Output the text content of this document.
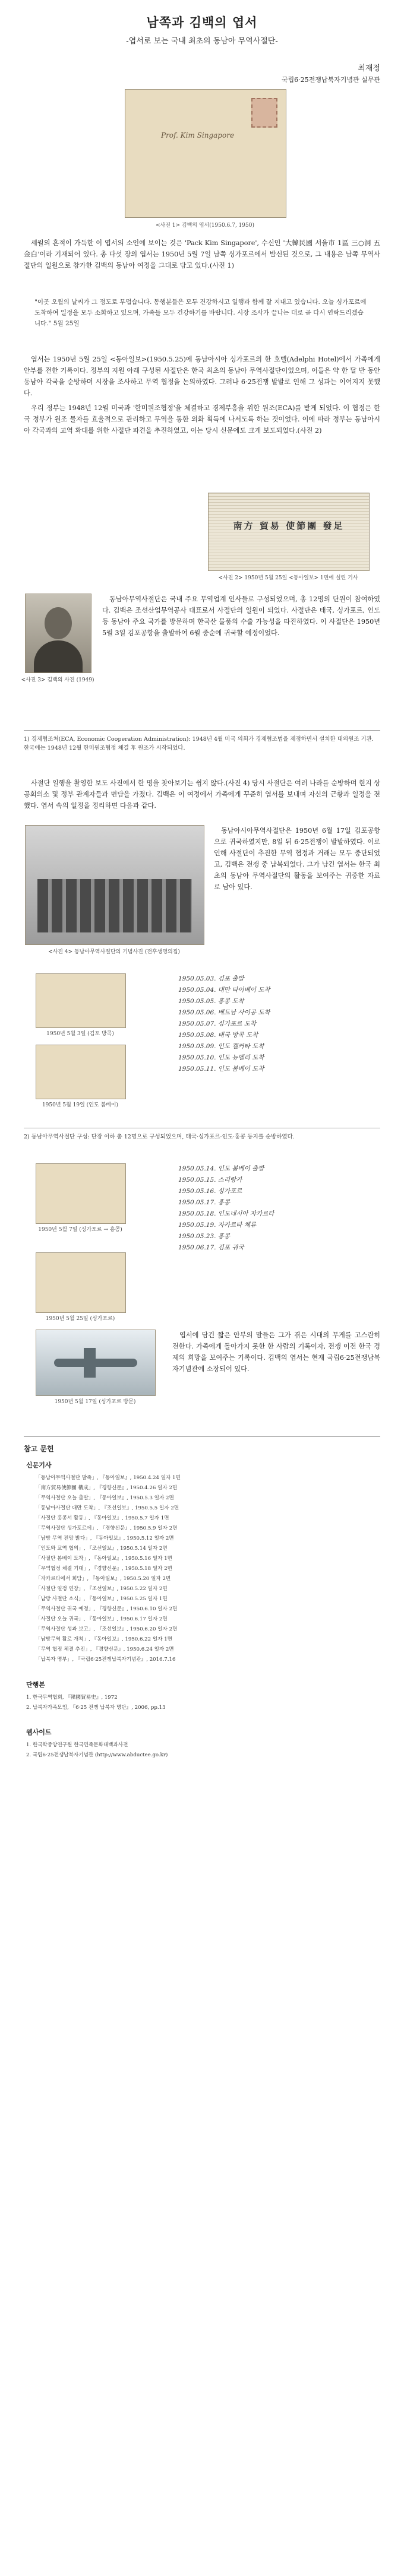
남쪽과 김백의 엽서
-엽서로 보는 국내 최초의 동남아 무역사절단-
최재정
국립6·25전쟁납북자기념관 실무관
Prof. Kim Singapore
<사진 1> 김백의 엽서(1950.6.7, 1950)

세월의 흔적이 가득한 이 엽서의 소인에 보이는 것은 'Pack Kim Singapore', 수신인 '大韓民國 서울市 1區 三○洞 五 金白'이라 기재되어 있다. 총 다섯 장의 엽서는 1950년 5월 7일 남쪽 싱가포르에서 발신된 것으로, 그 내용은 남쪽 무역사절단의 일원으로 참가한 김백의 동남아 여정을 그대로 담고 있다.(사진 1)

"이곳 오월의 날씨가 그 정도로 무덥습니다. 동행분들은 모두 건강하시고 일행과 함께 잘 지내고 있습니다. 오늘 싱가포르에 도착하여 일정을 모두 소화하고 있으며, 가족들 모두 건강하기를 바랍니다. 시장 조사가 끝나는 대로 곧 다시 연락드리겠습니다." 5월 25일

엽서는 1950년 5월 25일 <동아일보>(1950.5.25)에 동남아시아 싱가포르의 한 호텔(Adelphi Hotel)에서 가족에게 안부를 전한 기록이다. 정부의 지원 아래 구성된 사절단은 한국 최초의 동남아 무역사절단이었으며, 이들은 약 한 달 반 동안 동남아 각국을 순방하며 시장을 조사하고 무역 협정을 논의하였다. 그러나 6·25전쟁 발발로 인해 그 성과는 이어지지 못했다.

우리 정부는 1948년 12월 미국과 '한미원조협정'을 체결하고 경제부흥을 위한 원조(ECA)를 받게 되었다. 이 협정은 한국 정부가 원조 물자를 효율적으로 관리하고 무역을 통한 외화 획득에 나서도록 하는 것이었다. 이에 따라 정부는 동남아시아 각국과의 교역 확대를 위한 사절단 파견을 추진하였고, 이는 당시 신문에도 크게 보도되었다.(사진 2)

南方 貿易 使節團 發足
<사진 2> 1950년 5월 25일 <동아일보> 1면에 실린 기사
<사진 3> 김백의 사진 (1949)

동남아무역사절단은 국내 주요 무역업계 인사들로 구성되었으며, 총 12명의 단원이 참여하였다. 김백은 조선산업무역공사 대표로서 사절단의 일원이 되었다. 사절단은 태국, 싱가포르, 인도 등 동남아 주요 국가를 방문하며 한국산 물품의 수출 가능성을 타진하였다. 이 사절단은 1950년 5월 3일 김포공항을 출발하여 6월 중순에 귀국할 예정이었다.

1) 경제협조처(ECA, Economic Cooperation Administration): 1948년 4월 미국 의회가 경제협조법을 제정하면서 설치한 대외원조 기관. 한국에는 1948년 12월 한미원조협정 체결 후 원조가 시작되었다.

사절단 일행을 촬영한 보도 사진에서 한 명을 찾아보기는 쉽지 않다.(사진 4) 당시 사절단은 여러 나라를 순방하며 현지 상공회의소 및 정부 관계자들과 면담을 가졌다. 김백은 이 여정에서 가족에게 꾸준히 엽서를 보내며 자신의 근황과 일정을 전했다. 엽서 속의 일정을 정리하면 다음과 같다.

<사진 4> 동남아무역사절단의 기념사진 (전후생명의집)

동남아시아무역사절단은 1950년 6월 17일 김포공항으로 귀국하였지만, 8일 뒤 6·25전쟁이 발발하였다. 이로 인해 사절단이 추진한 무역 협정과 거래는 모두 중단되었고, 김백은 전쟁 중 납북되었다. 그가 남긴 엽서는 한국 최초의 동남아 무역사절단의 활동을 보여주는 귀중한 자료로 남아 있다.

1950년 5월 3일 (김포 방콕)
1950년 5월 19일 (인도 봄베이)
1950.05.03. 김포 출발
1950.05.04. 대만 타이베이 도착
1950.05.05. 홍콩 도착
1950.05.06. 베트남 사이공 도착
1950.05.07. 싱가포르 도착
1950.05.08. 태국 방콕 도착
1950.05.09. 인도 캘커타 도착
1950.05.10. 인도 뉴델리 도착
1950.05.11. 인도 봄베이 도착
2) 동남아무역사절단 구성: 단장 이하 총 12명으로 구성되었으며, 태국·싱가포르·인도·홍콩 등지를 순방하였다.
1950년 5월 7일 (싱가포르 → 홍콩)
1950.05.14. 인도 봄베이 출발
1950.05.15. 스리랑카
1950.05.16. 싱가포르
1950.05.17. 홍콩
1950.05.18. 인도네시아 자카르타
1950.05.19. 자카르타 체류
1950.05.23. 홍콩
1950.06.17. 김포 귀국
1950년 5월 25일 (싱가포르)
1950년 5월 17일 (싱가포르 방문)

엽서에 담긴 짧은 안부의 말들은 그가 겪은 시대의 무게를 고스란히 전한다. 가족에게 돌아가지 못한 한 사람의 기록이자, 전쟁 이전 한국 경제의 희망을 보여주는 기록이다. 김백의 엽서는 현재 국립6·25전쟁납북자기념관에 소장되어 있다.

참고 문헌
신문기사
1. 「동남아무역사절단 발족」, 『동아일보』, 1950.4.24 일자 1면
2. 「南方貿易使節團 構成」, 『경향신문』, 1950.4.26 일자 2면
3. 「무역사절단 오늘 출발」, 『동아일보』, 1950.5.3 일자 2면
4. 「동남아사절단 대만 도착」, 『조선일보』, 1950.5.5 일자 2면
5. 「사절단 홍콩서 활동」, 『동아일보』, 1950.5.7 일자 1면
6. 「무역사절단 싱가포르에」, 『경향신문』, 1950.5.9 일자 2면
7. 「남방 무역 전망 밝다」, 『동아일보』, 1950.5.12 일자 2면
8. 「인도와 교역 협의」, 『조선일보』, 1950.5.14 일자 2면
9. 「사절단 봄베이 도착」, 『동아일보』, 1950.5.16 일자 1면
10. 「무역협정 체결 기대」, 『경향신문』, 1950.5.18 일자 2면
11. 「자카르타에서 회담」, 『동아일보』, 1950.5.20 일자 2면
12. 「사절단 일정 연장」, 『조선일보』, 1950.5.22 일자 2면
13. 「남방 사절단 소식」, 『동아일보』, 1950.5.25 일자 1면
14. 「무역사절단 귀국 예정」, 『경향신문』, 1950.6.10 일자 2면
15. 「사절단 오늘 귀국」, 『동아일보』, 1950.6.17 일자 2면
16. 「무역사절단 성과 보고」, 『조선일보』, 1950.6.20 일자 2면
17. 「남방무역 활로 개척」, 『동아일보』, 1950.6.22 일자 1면
18. 「무역 협정 체결 추진」, 『경향신문』, 1950.6.24 일자 2면
19. 「납북자 명부」, 『국립6·25전쟁납북자기념관』, 2016.7.16
단행본
1. 한국무역협회, 『韓國貿易史』, 1972
2. 납북자가족모임, 『6·25 전쟁 납북자 명단』, 2006, pp.13
웹사이트
1. 한국학중앙연구원 한국민족문화대백과사전
2. 국립6·25전쟁납북자기념관 (http://www.abductee.go.kr)
